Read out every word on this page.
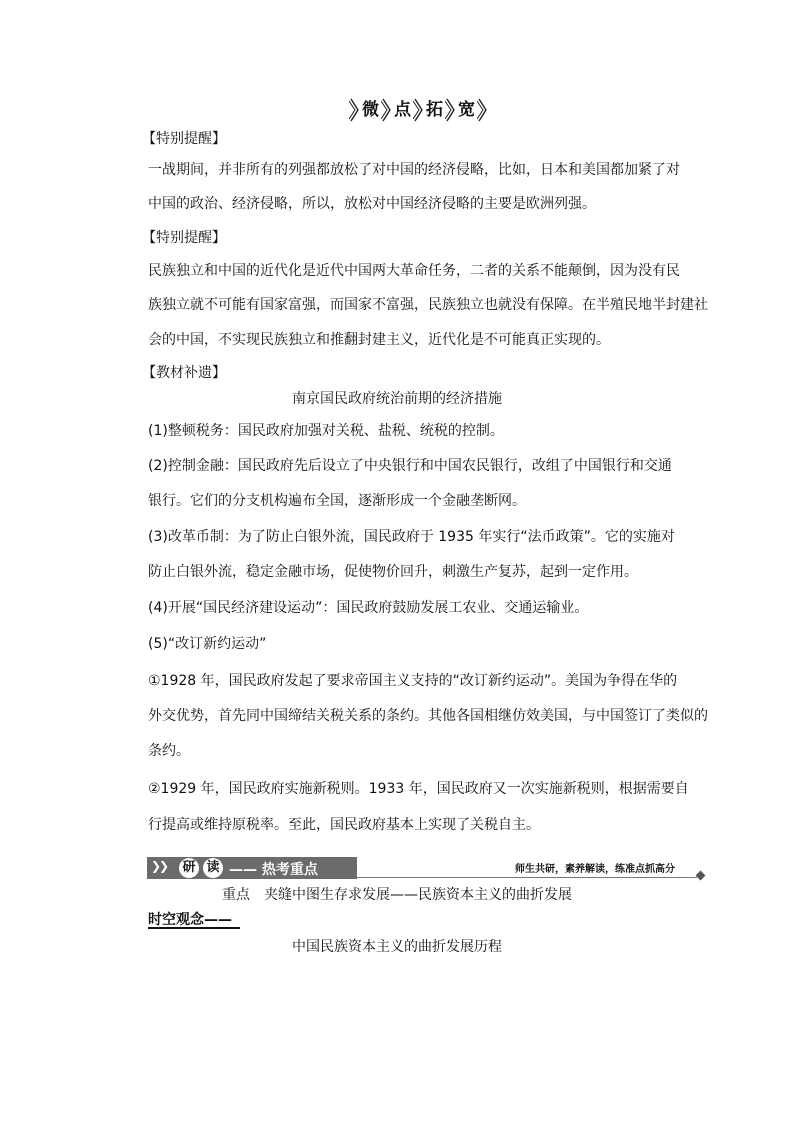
微 点 拓 宽
【特别提醒】
一战期间，并非所有的列强都放松了对中国的经济侵略，比如，日本和美国都加紧了对
中国的政治、经济侵略，所以，放松对中国经济侵略的主要是欧洲列强。
【特别提醒】
民族独立和中国的近代化是近代中国两大革命任务，二者的关系不能颠倒，因为没有民
族独立就不可能有国家富强，而国家不富强，民族独立也就没有保障。在半殖民地半封建社
会的中国，不实现民族独立和推翻封建主义，近代化是不可能真正实现的。
【教材补遗】
南京国民政府统治前期的经济措施
(1)整顿税务：国民政府加强对关税、盐税、统税的控制。
(2)控制金融：国民政府先后设立了中央银行和中国农民银行，改组了中国银行和交通
银行。它们的分支机构遍布全国，逐渐形成一个金融垄断网。
(3)改革币制：为了防止白银外流，国民政府于 1935 年实行“法币政策”。它的实施对
防止白银外流，稳定金融市场，促使物价回升，刺激生产复苏，起到一定作用。
(4)开展“国民经济建设运动”：国民政府鼓励发展工农业、交通运输业。
(5)“改订新约运动”
①1928 年，国民政府发起了要求帝国主义支持的“改订新约运动”。美国为争得在华的
外交优势，首先同中国缔结关税关系的条约。其他各国相继仿效美国，与中国签订了类似的
条约。
②1929 年，国民政府实施新税则。1933 年，国民政府又一次实施新税则，根据需要自
行提高或维持原税率。至此，国民政府基本上实现了关税自主。
❯❯ 研 读 —— 热考重点	师生共研，素养解读，练准点抓高分
重点　夹缝中图生存求发展——民族资本主义的曲折发展
时空观念——
中国民族资本主义的曲折发展历程
